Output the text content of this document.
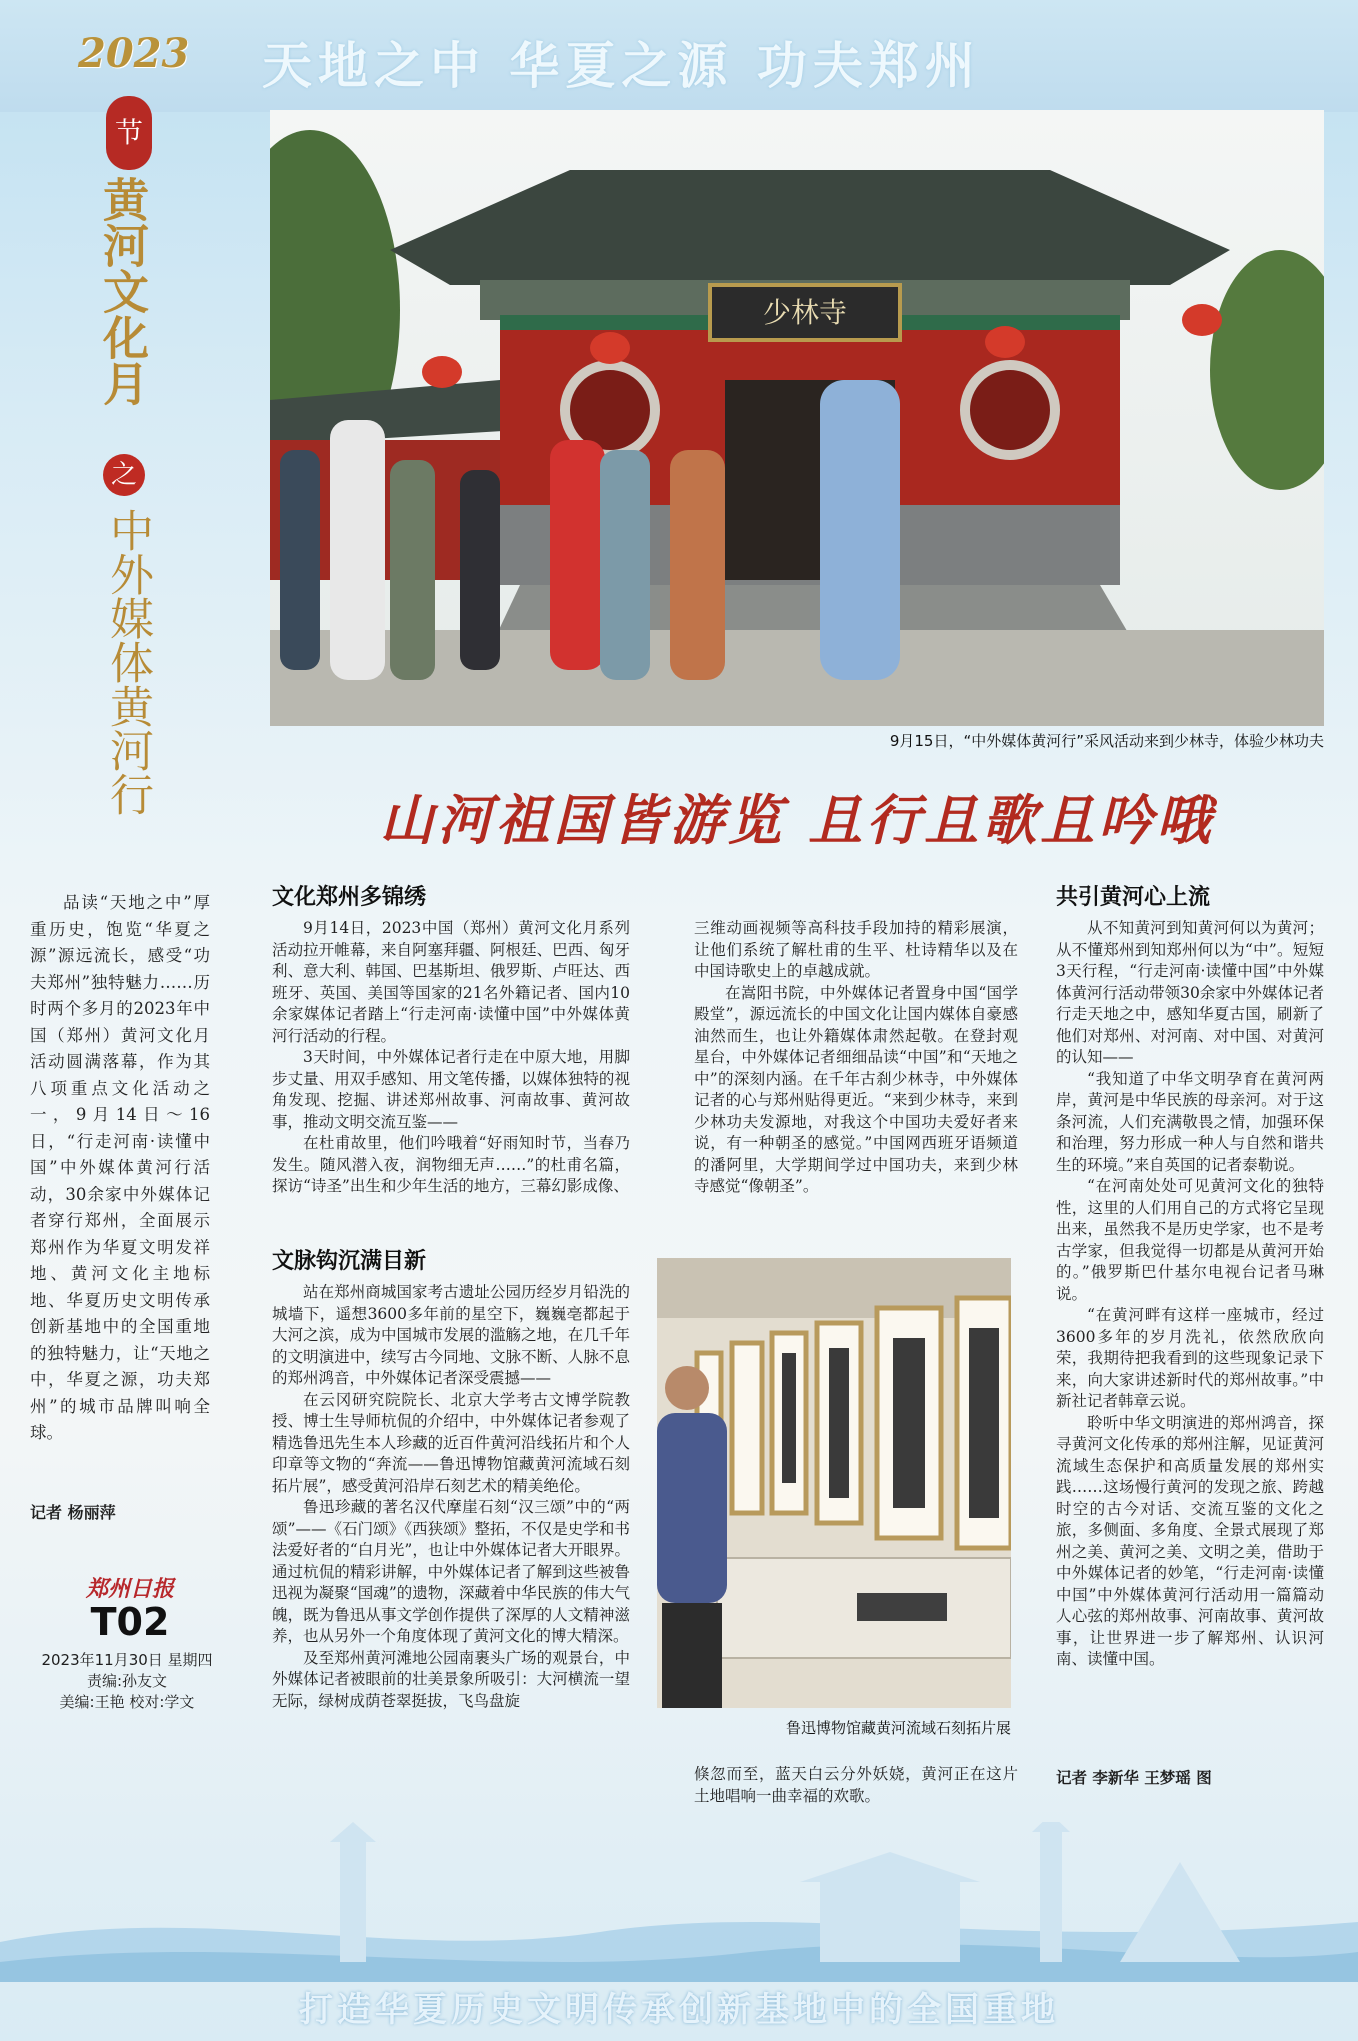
天地之中 华夏之源 功夫郑州
2023
节
黄河文化月
之
中外媒体黄河行
品读“天地之中”厚重历史，饱览“华夏之源”源远流长，感受“功夫郑州”独特魅力……历时两个多月的2023年中国（郑州）黄河文化月活动圆满落幕，作为其八项重点文化活动之一，9月14日～16日，“行走河南·读懂中国”中外媒体黄河行活动，30余家中外媒体记者穿行郑州，全面展示郑州作为华夏文明发祥地、黄河文化主地标地、华夏历史文明传承创新基地中的全国重地的独特魅力，让“天地之中，华夏之源，功夫郑州”的城市品牌叫响全球。
记者 杨丽萍
郑州日报
T02
2023年11月30日 星期四
责编:孙友文
美编:王艳 校对:学文
少林寺
9月15日，“中外媒体黄河行”采风活动来到少林寺，体验少林功夫
山河祖国皆游览 且行且歌且吟哦
文化郑州多锦绣

9月14日，2023中国（郑州）黄河文化月系列活动拉开帷幕，来自阿塞拜疆、阿根廷、巴西、匈牙利、意大利、韩国、巴基斯坦、俄罗斯、卢旺达、西班牙、英国、美国等国家的21名外籍记者、国内10余家媒体记者踏上“行走河南·读懂中国”中外媒体黄河行活动的行程。

3天时间，中外媒体记者行走在中原大地，用脚步丈量、用双手感知、用文笔传播，以媒体独特的视角发现、挖掘、讲述郑州故事、河南故事、黄河故事，推动文明交流互鉴——

在杜甫故里，他们吟哦着“好雨知时节，当春乃发生。随风潜入夜，润物细无声……”的杜甫名篇，探访“诗圣”出生和少年生活的地方，三幕幻影成像、

三维动画视频等高科技手段加持的精彩展演，让他们系统了解杜甫的生平、杜诗精华以及在中国诗歌史上的卓越成就。

在嵩阳书院，中外媒体记者置身中国“国学殿堂”，源远流长的中国文化让国内媒体自豪感油然而生，也让外籍媒体肃然起敬。在登封观星台，中外媒体记者细细品读“中国”和“天地之中”的深刻内涵。在千年古刹少林寺，中外媒体记者的心与郑州贴得更近。“来到少林寺，来到少林功夫发源地，对我这个中国功夫爱好者来说，有一种朝圣的感觉。”中国网西班牙语频道的潘阿里，大学期间学过中国功夫，来到少林寺感觉“像朝圣”。

文脉钩沉满目新

站在郑州商城国家考古遗址公园历经岁月铅洗的城墙下，遥想3600多年前的星空下，巍巍亳都起于大河之滨，成为中国城市发展的滥觞之地，在几千年的文明演进中，续写古今同地、文脉不断、人脉不息的郑州鸿音，中外媒体记者深受震撼——

在云冈研究院院长、北京大学考古文博学院教授、博士生导师杭侃的介绍中，中外媒体记者参观了精选鲁迅先生本人珍藏的近百件黄河沿线拓片和个人印章等文物的“奔流——鲁迅博物馆藏黄河流域石刻拓片展”，感受黄河沿岸石刻艺术的精美绝伦。

鲁迅珍藏的著名汉代摩崖石刻“汉三颂”中的“两颂”——《石门颂》《西狭颂》整拓，不仅是史学和书法爱好者的“白月光”，也让中外媒体记者大开眼界。通过杭侃的精彩讲解，中外媒体记者了解到这些被鲁迅视为凝聚“国魂”的遗物，深藏着中华民族的伟大气魄，既为鲁迅从事文学创作提供了深厚的人文精神滋养，也从另外一个角度体现了黄河文化的博大精深。

及至郑州黄河滩地公园南裹头广场的观景台，中外媒体记者被眼前的壮美景象所吸引：大河横流一望无际，绿树成荫苍翠挺拔，飞鸟盘旋

倏忽而至，蓝天白云分外妖娆，黄河正在这片土地唱响一曲幸福的欢歌。

鲁迅博物馆藏黄河流域石刻拓片展
共引黄河心上流

从不知黄河到知黄河何以为黄河；从不懂郑州到知郑州何以为“中”。短短3天行程，“行走河南·读懂中国”中外媒体黄河行活动带领30余家中外媒体记者行走天地之中，感知华夏古国，刷新了他们对郑州、对河南、对中国、对黄河的认知——

“我知道了中华文明孕育在黄河两岸，黄河是中华民族的母亲河。对于这条河流，人们充满敬畏之情，加强环保和治理，努力形成一种人与自然和谐共生的环境。”来自英国的记者泰勒说。

“在河南处处可见黄河文化的独特性，这里的人们用自己的方式将它呈现出来，虽然我不是历史学家，也不是考古学家，但我觉得一切都是从黄河开始的。”俄罗斯巴什基尔电视台记者马琳说。

“在黄河畔有这样一座城市，经过3600多年的岁月洗礼，依然欣欣向荣，我期待把我看到的这些现象记录下来，向大家讲述新时代的郑州故事。”中新社记者韩章云说。

聆听中华文明演进的郑州鸿音，探寻黄河文化传承的郑州注解，见证黄河流域生态保护和高质量发展的郑州实践……这场慢行黄河的发现之旅、跨越时空的古今对话、交流互鉴的文化之旅，多侧面、多角度、全景式展现了郑州之美、黄河之美、文明之美，借助于中外媒体记者的妙笔，“行走河南·读懂中国”中外媒体黄河行活动用一篇篇动人心弦的郑州故事、河南故事、黄河故事，让世界进一步了解郑州、认识河南、读懂中国。

记者 李新华 王梦瑶 图
打造华夏历史文明传承创新基地中的全国重地
